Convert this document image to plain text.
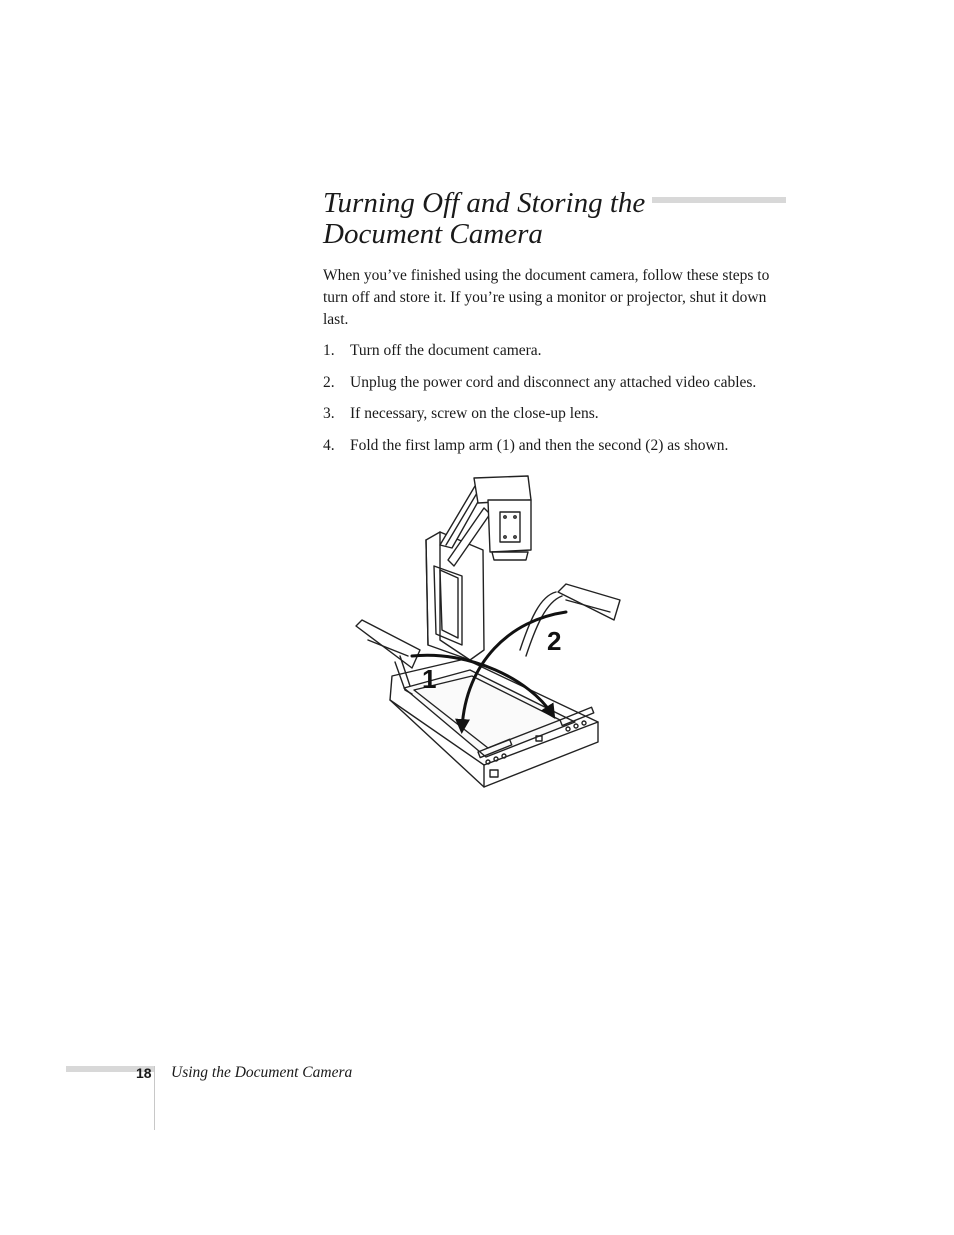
Turning Off and Storing the
Document Camera

When you’ve finished using the document camera, follow these steps to turn off and store it. If you’re using a monitor or projector, shut it down last.

1. Turn off the document camera.
2. Unplug the power cord and disconnect any attached video cables.
3. If necessary, screw on the close-up lens.
4. Fold the first lamp arm (1) and then the second (2) as shown.
1
2
18 Using the Document Camera
